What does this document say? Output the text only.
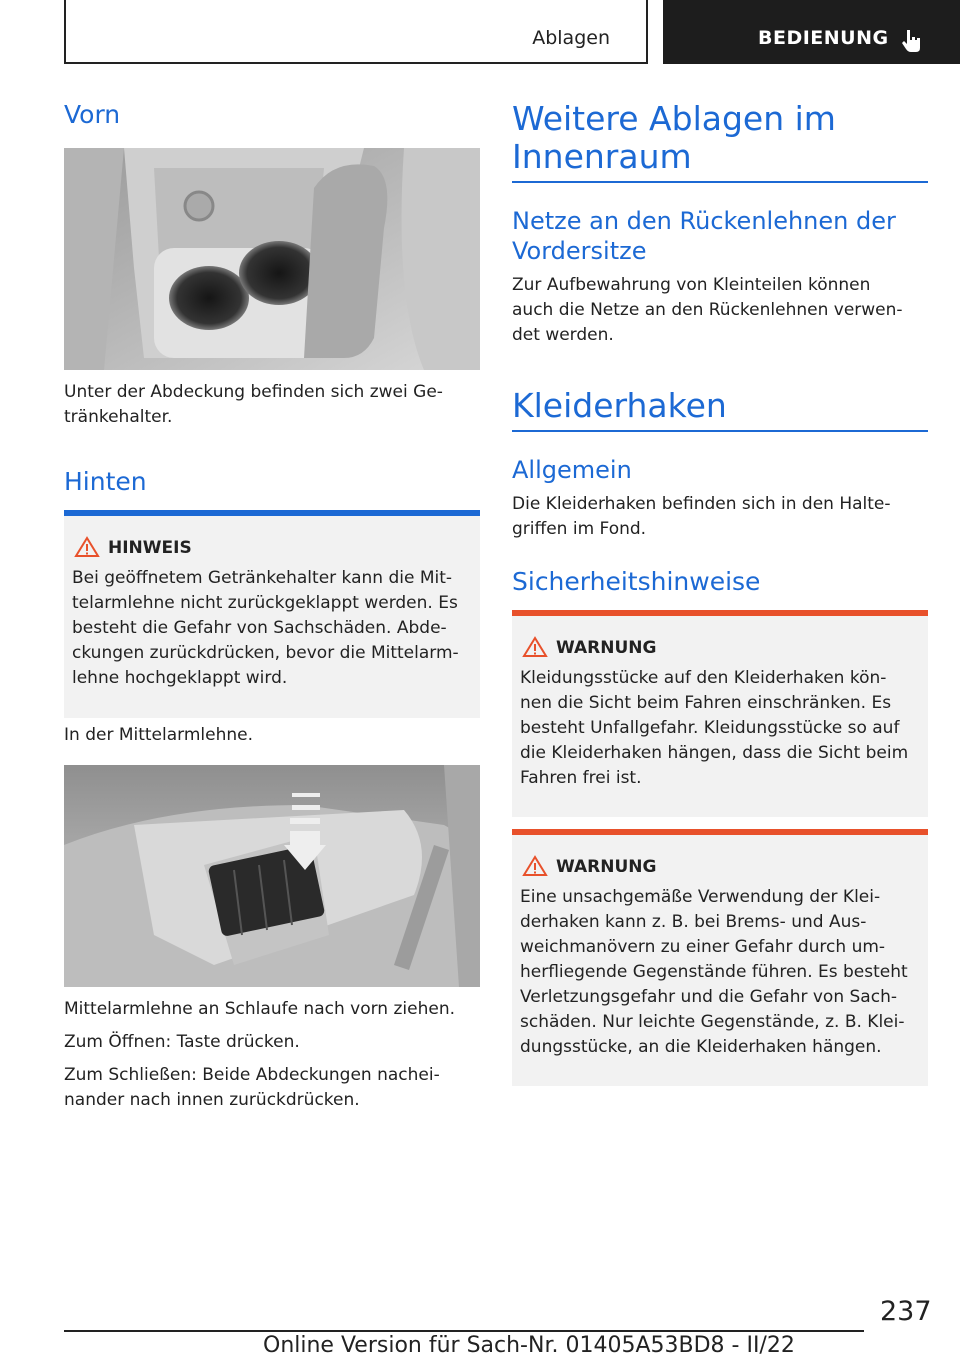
Ablagen	BEDIENUNG
Vorn

Unter der Abdeckung befinden sich zwei Ge-
tränkehalter.

Hinten
HINWEIS

Bei geöffnetem Getränkehalter kann die Mit-
telarmlehne nicht zurückgeklappt werden. Es
besteht die Gefahr von Sachschäden. Abde-
ckungen zurückdrücken, bevor die Mittelarm-
lehne hochgeklappt wird.

In der Mittelarmlehne.

Mittelarmlehne an Schlaufe nach vorn ziehen.

Zum Öffnen: Taste drücken.

Zum Schließen: Beide Abdeckungen nachei-
nander nach innen zurückdrücken.

Weitere Ablagen im
Innenraum
Netze an den Rückenlehnen der
Vordersitze

Zur Aufbewahrung von Kleinteilen können
auch die Netze an den Rückenlehnen verwen-
det werden.

Kleiderhaken
Allgemein

Die Kleiderhaken befinden sich in den Halte-
griffen im Fond.

Sicherheitshinweise
WARNUNG

Kleidungsstücke auf den Kleiderhaken kön-
nen die Sicht beim Fahren einschränken. Es
besteht Unfallgefahr. Kleidungsstücke so auf
die Kleiderhaken hängen, dass die Sicht beim
Fahren frei ist.

WARNUNG

Eine unsachgemäße Verwendung der Klei-
derhaken kann z. B. bei Brems- und Aus-
weichmanövern zu einer Gefahr durch um-
herfliegende Gegenstände führen. Es besteht
Verletzungsgefahr und die Gefahr von Sach-
schäden. Nur leichte Gegenstände, z. B. Klei-
dungsstücke, an die Kleiderhaken hängen.

237
Online Version für Sach-Nr. 01405A53BD8 - II/22
